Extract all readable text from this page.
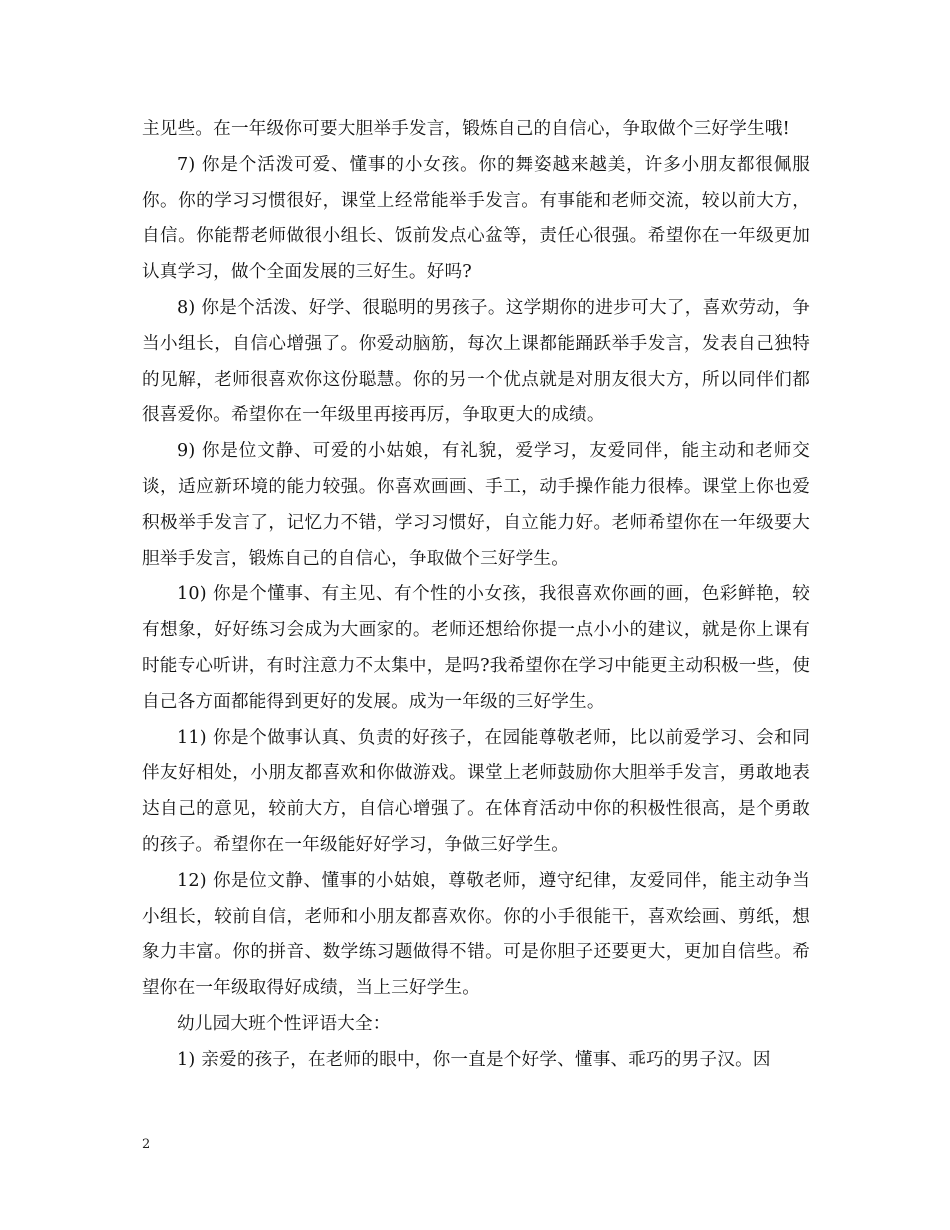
主见些。在一年级你可要大胆举手发言，锻炼自己的自信心，争取做个三好学生哦!

7) 你是个活泼可爱、懂事的小女孩。你的舞姿越来越美，许多小朋友都很佩服你。你的学习习惯很好，课堂上经常能举手发言。有事能和老师交流，较以前大方，自信。你能帮老师做很小组长、饭前发点心盆等，责任心很强。希望你在一年级更加认真学习，做个全面发展的三好生。好吗?

8) 你是个活泼、好学、很聪明的男孩子。这学期你的进步可大了，喜欢劳动，争当小组长，自信心增强了。你爱动脑筋，每次上课都能踊跃举手发言，发表自己独特的见解，老师很喜欢你这份聪慧。你的另一个优点就是对朋友很大方，所以同伴们都很喜爱你。希望你在一年级里再接再厉，争取更大的成绩。

9) 你是位文静、可爱的小姑娘，有礼貌，爱学习，友爱同伴，能主动和老师交谈，适应新环境的能力较强。你喜欢画画、手工，动手操作能力很棒。课堂上你也爱积极举手发言了，记忆力不错，学习习惯好，自立能力好。老师希望你在一年级要大胆举手发言，锻炼自己的自信心，争取做个三好学生。

10) 你是个懂事、有主见、有个性的小女孩，我很喜欢你画的画，色彩鲜艳，较有想象，好好练习会成为大画家的。老师还想给你提一点小小的建议，就是你上课有时能专心听讲，有时注意力不太集中，是吗?我希望你在学习中能更主动积极一些，使自己各方面都能得到更好的发展。成为一年级的三好学生。

11) 你是个做事认真、负责的好孩子，在园能尊敬老师，比以前爱学习、会和同伴友好相处，小朋友都喜欢和你做游戏。课堂上老师鼓励你大胆举手发言，勇敢地表达自己的意见，较前大方，自信心增强了。在体育活动中你的积极性很高，是个勇敢的孩子。希望你在一年级能好好学习，争做三好学生。

12) 你是位文静、懂事的小姑娘，尊敬老师，遵守纪律，友爱同伴，能主动争当小组长，较前自信，老师和小朋友都喜欢你。你的小手很能干，喜欢绘画、剪纸，想象力丰富。你的拼音、数学练习题做得不错。可是你胆子还要更大，更加自信些。希望你在一年级取得好成绩，当上三好学生。

幼儿园大班个性评语大全：

1) 亲爱的孩子，在老师的眼中，你一直是个好学、懂事、乖巧的男子汉。因

2
